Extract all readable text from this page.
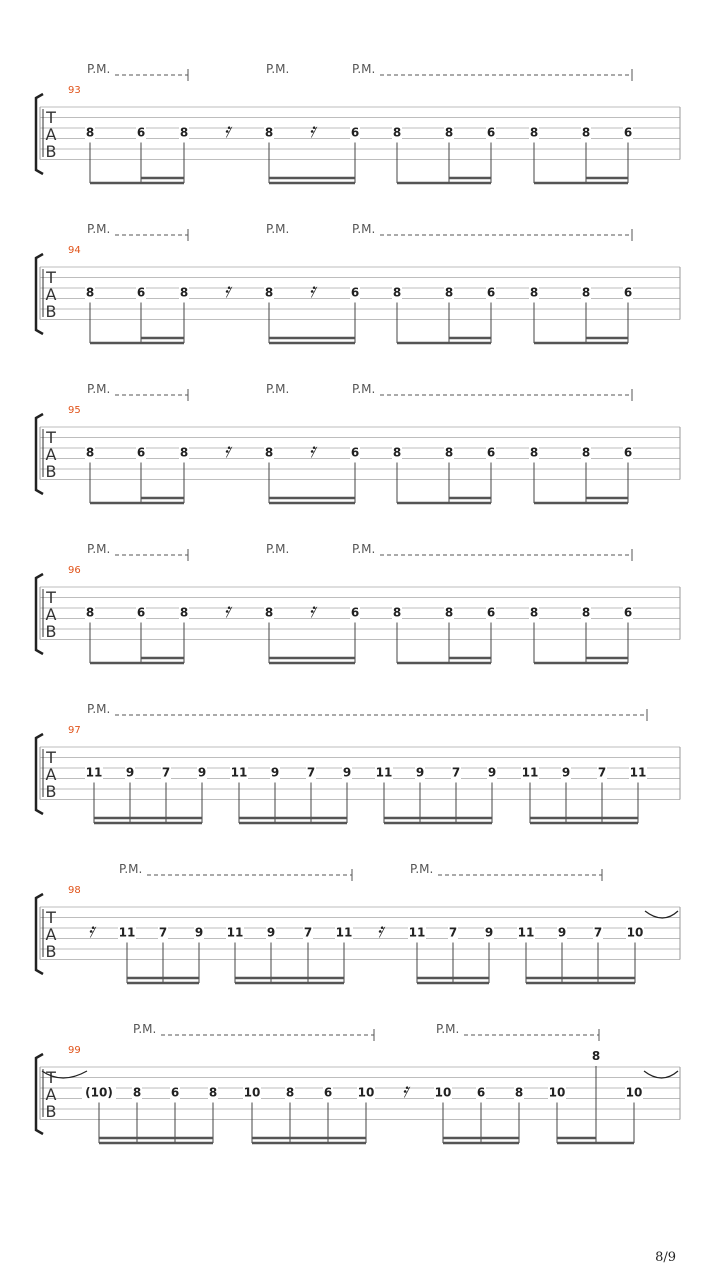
T
A
B
93
P.M.	P.M.	P.M.
8	6	8 𝄿	8 𝄿	6	8	8	6	8	8	6
T
A
B
94
P.M.	P.M.	P.M.
8	6	8 𝄿	8 𝄿	6	8	8	6	8	8	6
T
A
B
95
P.M.	P.M.	P.M.
8	6	8 𝄿	8 𝄿	6	8	8	6	8	8	6
T
A
B
96
P.M.	P.M.	P.M.
8	6	8 𝄿	8 𝄿	6	8	8	6	8	8	6
T
A
B
97
P.M.
11 9 7 9 11 9 7 9 11 9 7 9 11 9 7 11
T
A
B
98
P.M.	P.M.
𝄿 11 7 9 11 9 7 11 𝄿 11 7 9 11 9 7 10
T
A
B
99
P.M.	P.M.
(10) 8 6 8 10 8 6 10 𝄿 10 6 8 10
8
10
8/9
